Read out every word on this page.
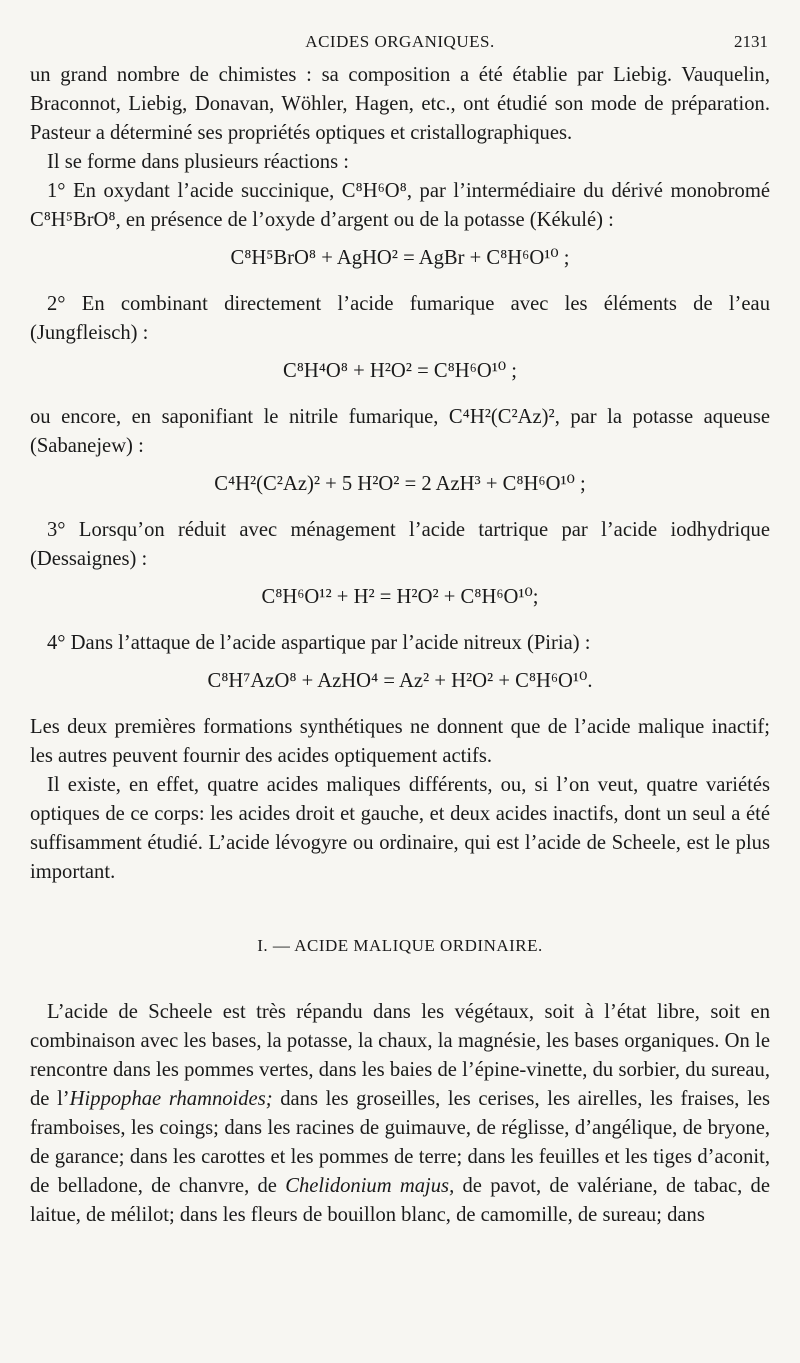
ACIDES ORGANIQUES.	2131

un grand nombre de chimistes : sa composition a été établie par Liebig. Vauquelin, Braconnot, Liebig, Donavan, Wöhler, Hagen, etc., ont étudié son mode de préparation. Pasteur a déterminé ses propriétés optiques et cristallographiques.

Il se forme dans plusieurs réactions :

1° En oxydant l’acide succinique, C⁸H⁶O⁸, par l’intermédiaire du dérivé monobromé C⁸H⁵BrO⁸, en présence de l’oxyde d’argent ou de la potasse (Kékulé) :

C⁸H⁵BrO⁸ + AgHO² = AgBr + C⁸H⁶O¹⁰ ;

2° En combinant directement l’acide fumarique avec les éléments de l’eau (Jungfleisch) :

C⁸H⁴O⁸ + H²O² = C⁸H⁶O¹⁰ ;

ou encore, en saponifiant le nitrile fumarique, C⁴H²(C²Az)², par la potasse aqueuse (Sabanejew) :

C⁴H²(C²Az)² + 5 H²O² = 2 AzH³ + C⁸H⁶O¹⁰ ;

3° Lorsqu’on réduit avec ménagement l’acide tartrique par l’acide iodhydrique (Dessaignes) :

C⁸H⁶O¹² + H² = H²O² + C⁸H⁶O¹⁰;

4° Dans l’attaque de l’acide aspartique par l’acide nitreux (Piria) :

C⁸H⁷AzO⁸ + AzHO⁴ = Az² + H²O² + C⁸H⁶O¹⁰.

Les deux premières formations synthétiques ne donnent que de l’acide malique inactif; les autres peuvent fournir des acides optiquement actifs.

Il existe, en effet, quatre acides maliques différents, ou, si l’on veut, quatre variétés optiques de ce corps: les acides droit et gauche, et deux acides inactifs, dont un seul a été suffisamment étudié. L’acide lévogyre ou ordinaire, qui est l’acide de Scheele, est le plus important.

I. — ACIDE MALIQUE ORDINAIRE.

L’acide de Scheele est très répandu dans les végétaux, soit à l’état libre, soit en combinaison avec les bases, la potasse, la chaux, la magnésie, les bases organiques. On le rencontre dans les pommes vertes, dans les baies de l’épine-vinette, du sorbier, du sureau, de l’Hippophae rhamnoides; dans les groseilles, les cerises, les airelles, les fraises, les framboises, les coings; dans les racines de guimauve, de réglisse, d’angélique, de bryone, de garance; dans les carottes et les pommes de terre; dans les feuilles et les tiges d’aconit, de belladone, de chanvre, de Chelidonium majus, de pavot, de valériane, de tabac, de laitue, de mélilot; dans les fleurs de bouillon blanc, de camomille, de sureau; dans
